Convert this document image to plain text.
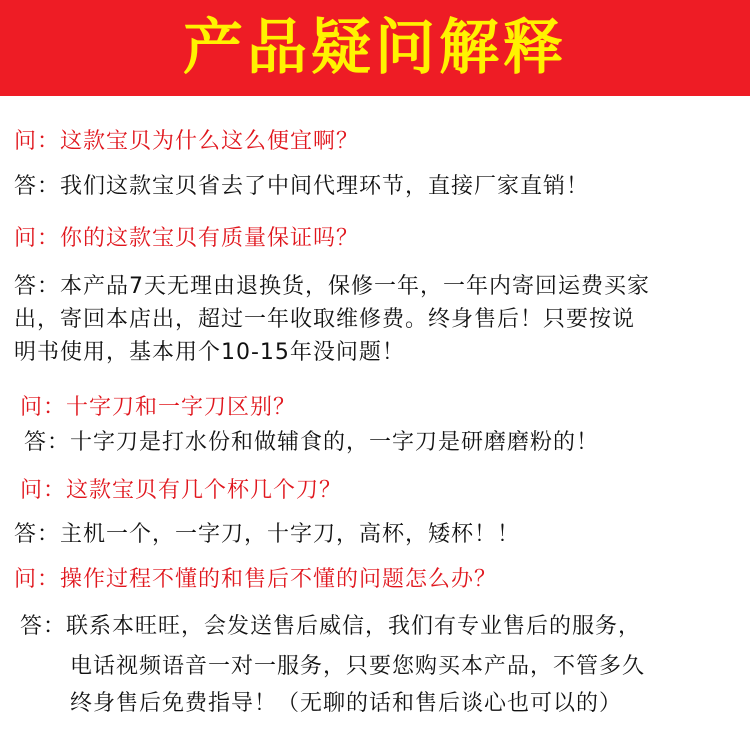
产品疑问解释
问：这款宝贝为什么这么便宜啊？
答：我们这款宝贝省去了中间代理环节，直接厂家直销！
问：你的这款宝贝有质量保证吗？
答：本产品7天无理由退换货，保修一年，一年内寄回运费买家
出，寄回本店出，超过一年收取维修费。终身售后！只要按说
明书使用，基本用个10-15年没问题！
问：十字刀和一字刀区别？
答：十字刀是打水份和做辅食的，一字刀是研磨磨粉的！
问：这款宝贝有几个杯几个刀？
答：主机一个，一字刀，十字刀，高杯，矮杯！！
问：操作过程不懂的和售后不懂的问题怎么办？
答：联系本旺旺，会发送售后威信，我们有专业售后的服务，
电话视频语音一对一服务，只要您购买本产品，不管多久
终身售后免费指导！（无聊的话和售后谈心也可以的）
